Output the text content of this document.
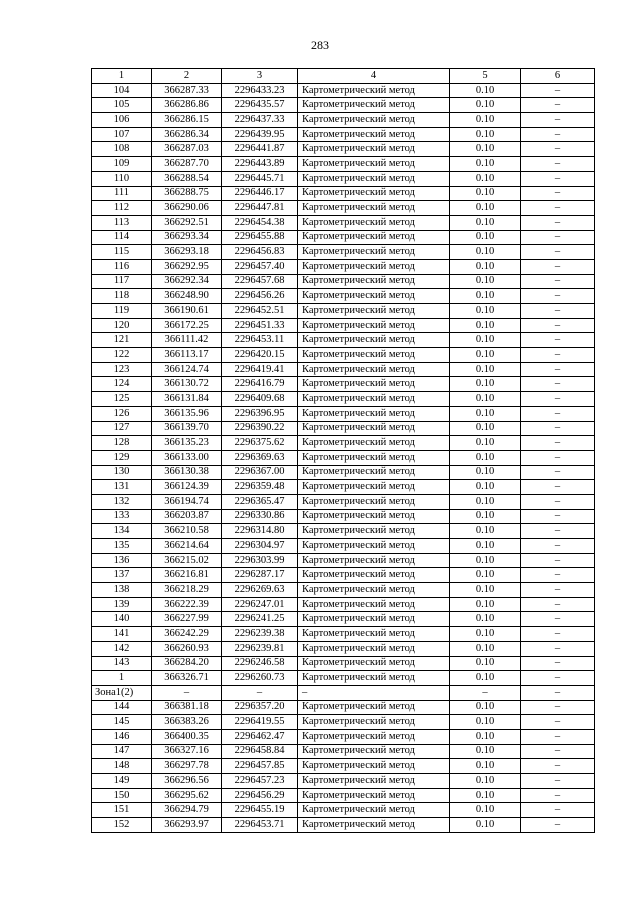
283
1	2	3	4	5	6
104	366287.33	2296433.23	Картометрический метод	0.10	–
105	366286.86	2296435.57	Картометрический метод	0.10	–
106	366286.15	2296437.33	Картометрический метод	0.10	–
107	366286.34	2296439.95	Картометрический метод	0.10	–
108	366287.03	2296441.87	Картометрический метод	0.10	–
109	366287.70	2296443.89	Картометрический метод	0.10	–
110	366288.54	2296445.71	Картометрический метод	0.10	–
111	366288.75	2296446.17	Картометрический метод	0.10	–
112	366290.06	2296447.81	Картометрический метод	0.10	–
113	366292.51	2296454.38	Картометрический метод	0.10	–
114	366293.34	2296455.88	Картометрический метод	0.10	–
115	366293.18	2296456.83	Картометрический метод	0.10	–
116	366292.95	2296457.40	Картометрический метод	0.10	–
117	366292.34	2296457.68	Картометрический метод	0.10	–
118	366248.90	2296456.26	Картометрический метод	0.10	–
119	366190.61	2296452.51	Картометрический метод	0.10	–
120	366172.25	2296451.33	Картометрический метод	0.10	–
121	366111.42	2296453.11	Картометрический метод	0.10	–
122	366113.17	2296420.15	Картометрический метод	0.10	–
123	366124.74	2296419.41	Картометрический метод	0.10	–
124	366130.72	2296416.79	Картометрический метод	0.10	–
125	366131.84	2296409.68	Картометрический метод	0.10	–
126	366135.96	2296396.95	Картометрический метод	0.10	–
127	366139.70	2296390.22	Картометрический метод	0.10	–
128	366135.23	2296375.62	Картометрический метод	0.10	–
129	366133.00	2296369.63	Картометрический метод	0.10	–
130	366130.38	2296367.00	Картометрический метод	0.10	–
131	366124.39	2296359.48	Картометрический метод	0.10	–
132	366194.74	2296365.47	Картометрический метод	0.10	–
133	366203.87	2296330.86	Картометрический метод	0.10	–
134	366210.58	2296314.80	Картометрический метод	0.10	–
135	366214.64	2296304.97	Картометрический метод	0.10	–
136	366215.02	2296303.99	Картометрический метод	0.10	–
137	366216.81	2296287.17	Картометрический метод	0.10	–
138	366218.29	2296269.63	Картометрический метод	0.10	–
139	366222.39	2296247.01	Картометрический метод	0.10	–
140	366227.99	2296241.25	Картометрический метод	0.10	–
141	366242.29	2296239.38	Картометрический метод	0.10	–
142	366260.93	2296239.81	Картометрический метод	0.10	–
143	366284.20	2296246.58	Картометрический метод	0.10	–
1	366326.71	2296260.73	Картометрический метод	0.10	–
Зона1(2)	–	–	–	–	–
144	366381.18	2296357.20	Картометрический метод	0.10	–
145	366383.26	2296419.55	Картометрический метод	0.10	–
146	366400.35	2296462.47	Картометрический метод	0.10	–
147	366327.16	2296458.84	Картометрический метод	0.10	–
148	366297.78	2296457.85	Картометрический метод	0.10	–
149	366296.56	2296457.23	Картометрический метод	0.10	–
150	366295.62	2296456.29	Картометрический метод	0.10	–
151	366294.79	2296455.19	Картометрический метод	0.10	–
152	366293.97	2296453.71	Картометрический метод	0.10	–
